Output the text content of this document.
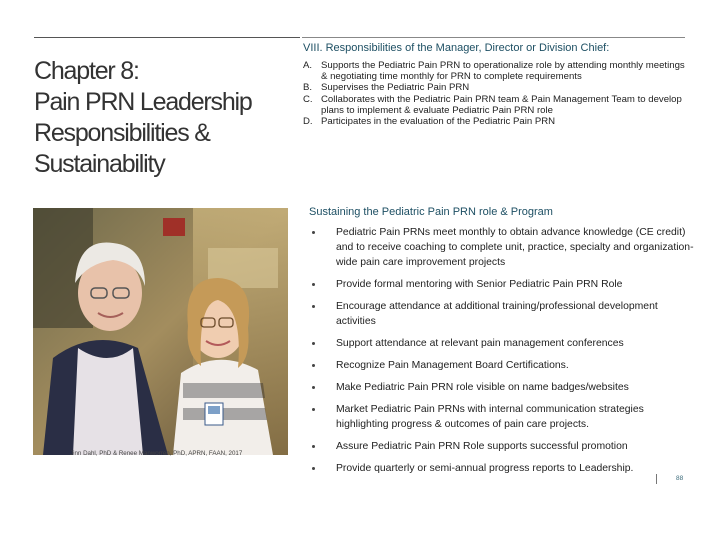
Chapter 8:
Pain PRN Leadership
Responsibilities &
Sustainability
VIII. Responsibilities of the Manager, Director or Division Chief:
A. Supports the Pediatric Pain PRN to operationalize role by attending monthly meetings & negotiating time monthly for PRN to complete requirements
B. Supervises the Pediatric Pain PRN
C. Collaborates with the Pediatric Pain PRN team & Pain Management Team to develop plans to implement & evaluate Pediatric Pain PRN role
D. Participates in the evaluation of the Pediatric Pain PRN
Jinn Dahl, PhD & Renee Manworren, PhD, APRN, FAAN, 2017
Sustaining the Pediatric Pain PRN role & Program
Pediatric Pain PRNs meet monthly to obtain advance knowledge (CE credit) and to receive coaching to complete unit, practice, specialty and organization-wide pain care improvement projects
Provide formal mentoring with Senior Pediatric Pain PRN Role
Encourage attendance at additional training/professional development activities
Support attendance at relevant pain management conferences
Recognize Pain Management Board Certifications.
Make Pediatric Pain PRN role visible on name badges/websites
Market Pediatric Pain PRNs with internal communication strategies highlighting progress & outcomes of pain care projects.
Assure Pediatric Pain PRN Role supports successful promotion
Provide quarterly or semi-annual progress reports to Leadership.
88
